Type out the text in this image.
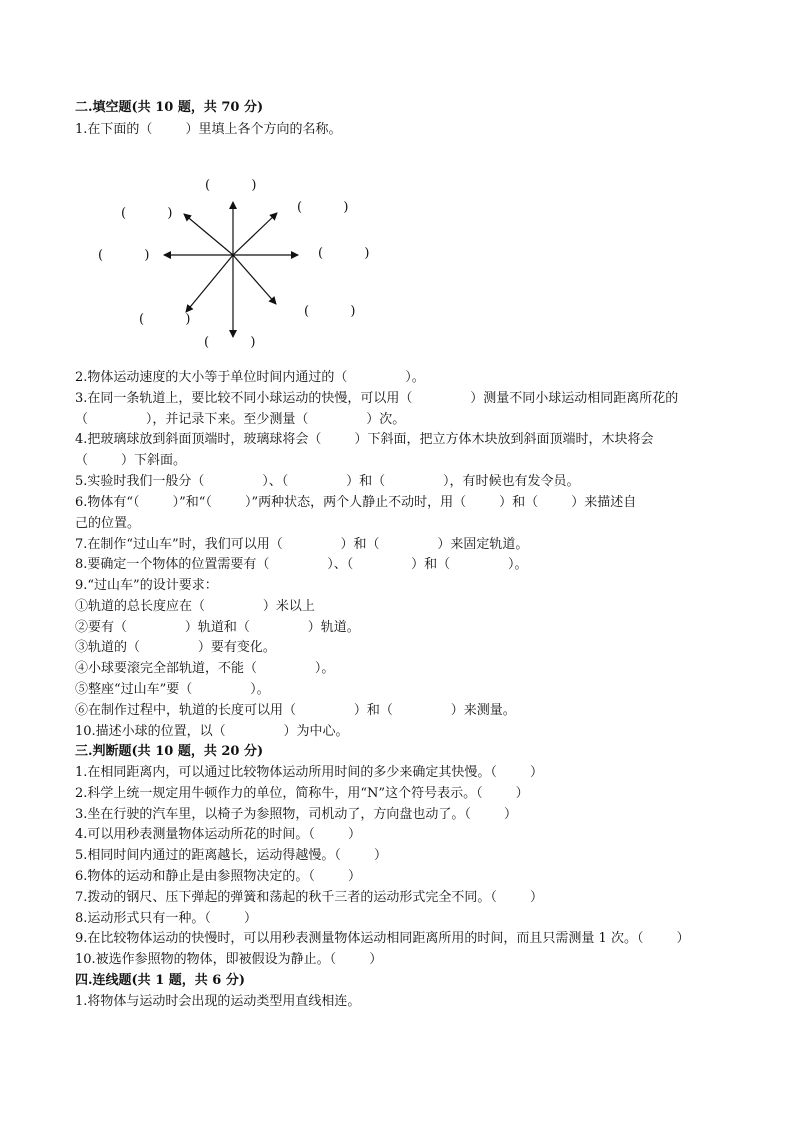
二.填空题(共 10 题，共 70 分)
1.在下面的（        ）里填上各个方向的名称。
(          )
(          )	(          )
(          )	(          )
(          )
(          )
(          )
2.物体运动速度的大小等于单位时间内通过的（              ）。
3.在同一条轨道上，要比较不同小球运动的快慢，可以用（              ）测量不同小球运动相同距离所花的
（              ），并记录下来。至少测量（              ）次。
4.把玻璃球放到斜面顶端时，玻璃球将会（        ）下斜面，把立方体木块放到斜面顶端时，木块将会
（        ）下斜面。
5.实验时我们一般分（              ）、（              ）和（              ），有时候也有发令员。
6.物体有“（        ）”和“（        ）”两种状态，两个人静止不动时，用（        ）和（        ）来描述自
己的位置。
7.在制作“过山车”时，我们可以用（              ）和（              ）来固定轨道。
8.要确定一个物体的位置需要有（              ）、（              ）和（              ）。
9.“过山车”的设计要求：
①轨道的总长度应在（              ）米以上
②要有（              ）轨道和（              ）轨道。
③轨道的（              ）要有变化。
④小球要滚完全部轨道，不能（              ）。
⑤整座“过山车”要（              ）。
⑥在制作过程中，轨道的长度可以用（              ）和（              ）来测量。
10.描述小球的位置，以（              ）为中心。
三.判断题(共 10 题，共 20 分)
1.在相同距离内，可以通过比较物体运动所用时间的多少来确定其快慢。（        ）
2.科学上统一规定用牛顿作力的单位，简称牛，用“N”这个符号表示。（        ）
3.坐在行驶的汽车里，以椅子为参照物，司机动了，方向盘也动了。（        ）
4.可以用秒表测量物体运动所花的时间。（        ）
5.相同时间内通过的距离越长，运动得越慢。（        ）
6.物体的运动和静止是由参照物决定的。（        ）
7.拨动的钢尺、压下弹起的弹簧和荡起的秋千三者的运动形式完全不同。（        ）
8.运动形式只有一种。（        ）
9.在比较物体运动的快慢时，可以用秒表测量物体运动相同距离所用的时间，而且只需测量 1 次。（        ）
10.被选作参照物的物体，即被假设为静止。（        ）
四.连线题(共 1 题，共 6 分)
1.将物体与运动时会出现的运动类型用直线相连。
